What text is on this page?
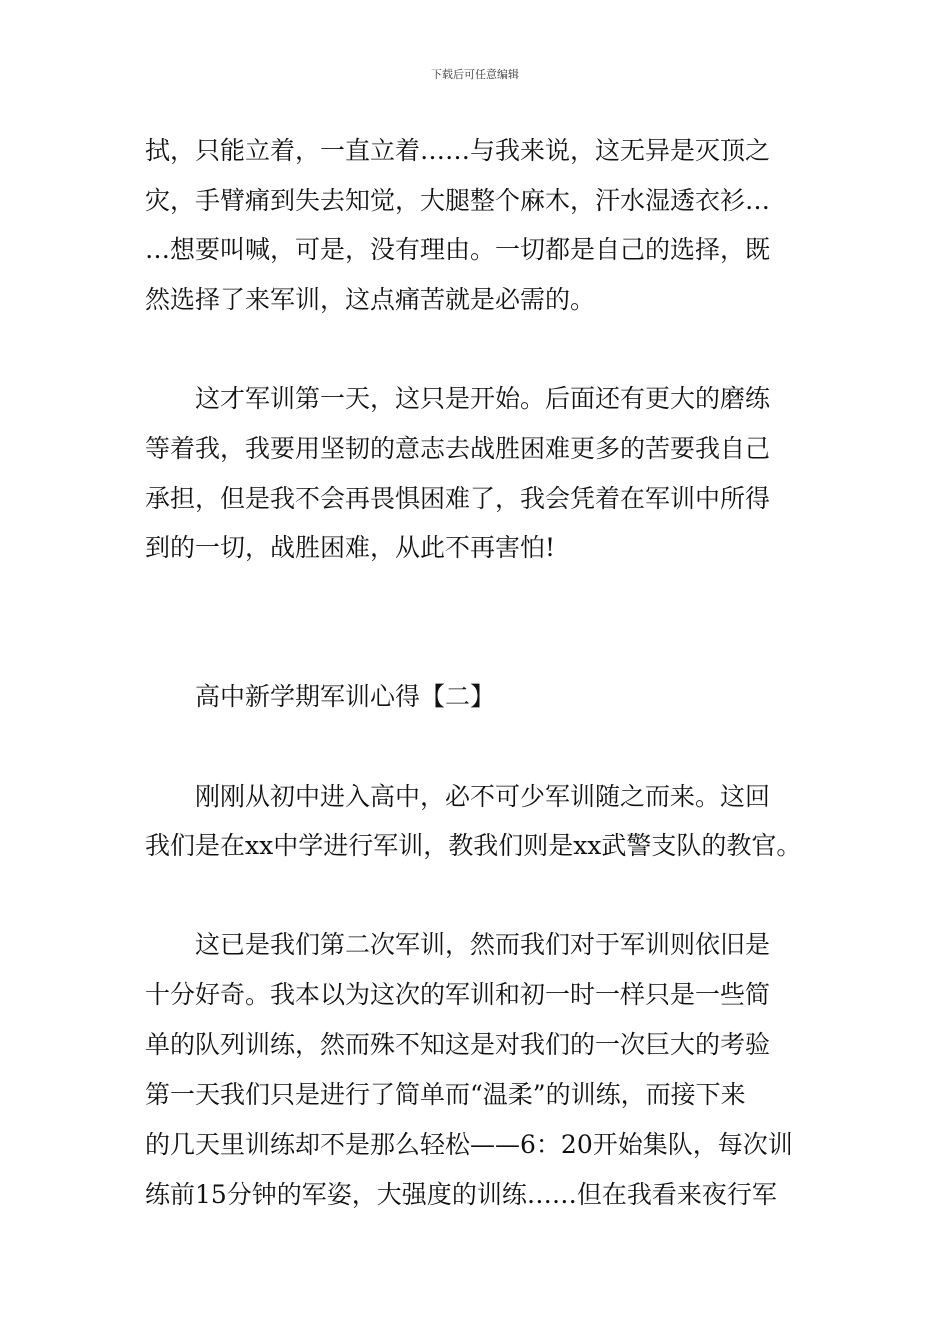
下载后可任意编辑
拭，只能立着，一直立着……与我来说，这无异是灭顶之
灾，手臂痛到失去知觉，大腿整个麻木，汗水湿透衣衫…
…想要叫喊，可是，没有理由。一切都是自己的选择，既
然选择了来军训，这点痛苦就是必需的。
　　这才军训第一天，这只是开始。后面还有更大的磨练
等着我，我要用坚韧的意志去战胜困难更多的苦要我自己
承担，但是我不会再畏惧困难了，我会凭着在军训中所得
到的一切，战胜困难，从此不再害怕!
　　高中新学期军训心得【二】
　　刚刚从初中进入高中，必不可少军训随之而来。这回
我们是在xx中学进行军训，教我们则是xx武警支队的教官。
　　这已是我们第二次军训，然而我们对于军训则依旧是
十分好奇。我本以为这次的军训和初一时一样只是一些简
单的队列训练，然而殊不知这是对我们的一次巨大的考验
第一天我们只是进行了简单而“温柔”的训练，而接下来
的几天里训练却不是那么轻松——6：20开始集队，每次训
练前15分钟的军姿，大强度的训练……但在我看来夜行军
